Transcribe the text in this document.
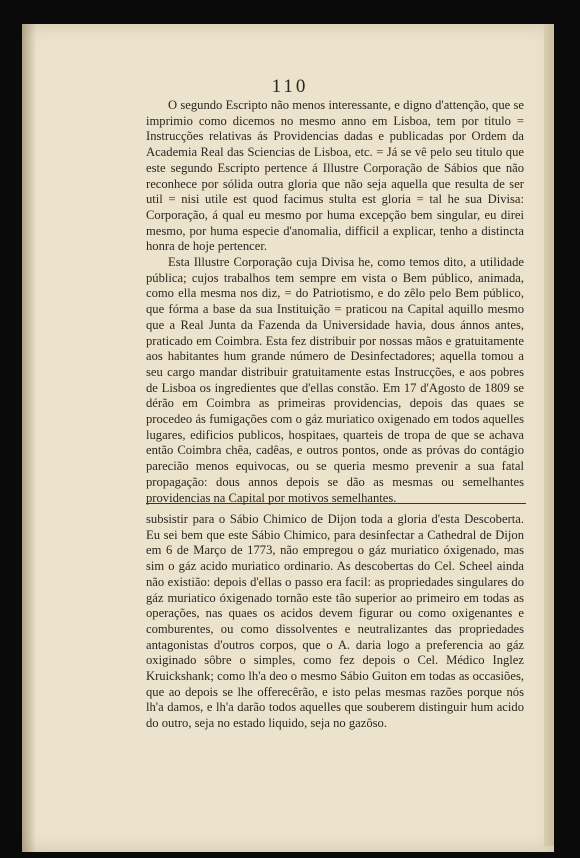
110

O segundo Escripto não menos interessante, e digno d'attenção, que se imprimio como dicemos no mesmo anno em Lisboa, tem por titulo = Instrucções relativas ás Providencias dadas e publicadas por Ordem da Academia Real das Sciencias de Lisboa, etc. = Já se vê pelo seu titulo que este segundo Escripto pertence á Illustre Corporação de Sábios que não reconhece por sólida outra gloria que não seja aquella que resulta de ser util = nisi utile est quod facimus stulta est gloria = tal he sua Divisa: Corporação, á qual eu mesmo por huma excepção bem singular, eu direi mesmo, por huma especie d'anomalia, difficil a explicar, tenho a distincta honra de hoje pertencer.

Esta Illustre Corporação cuja Divisa he, como temos dito, a utilidade pública; cujos trabalhos tem sempre em vista o Bem público, animada, como ella mesma nos diz, = do Patriotismo, e do zêlo pelo Bem público, que fórma a base da sua Instituição = praticou na Capital aquillo mesmo que a Real Junta da Fazenda da Universidade havia, dous ánnos antes, praticado em Coimbra. Esta fez distribuir por nossas mãos e gratuitamente aos habitantes hum grande número de Desinfectadores; aquella tomou a seu cargo mandar distribuir gratuitamente estas Instrucções, e aos pobres de Lisboa os ingredientes que d'ellas constão. Em 17 d'Agosto de 1809 se dérão em Coimbra as primeiras providencias, depois das quaes se procedeo ás fumigações com o gáz muriatico oxigenado em todos aquelles lugares, edificios publicos, hospitaes, quarteis de tropa de que se achava então Coimbra chêa, cadêas, e outros pontos, onde as próvas do contágio parecião menos equivocas, ou se queria mesmo prevenir a sua fatal propagação: dous annos depois se dão as mesmas ou semelhantes providencias na Capital por motivos semelhantes.

subsistir para o Sábio Chimico de Dijon toda a gloria d'esta Descoberta. Eu sei bem que este Sábio Chimico, para desinfectar a Cathedral de Dijon em 6 de Março de 1773, não empregou o gáz muriatico óxigenado, mas sim o gáz acido muriatico ordinario. As descobertas do Cel. Scheel ainda não existião: depois d'ellas o passo era facil: as propriedades singulares do gáz muriatico óxigenado tornão este tão superior ao primeiro em todas as operações, nas quaes os acidos devem figurar ou como oxigenantes e comburentes, ou como dissolventes e neutralizantes das propriedades antagonistas d'outros corpos, que o A. daria logo a preferencia ao gáz oxiginado sôbre o simples, como fez depois o Cel. Médico Inglez Kruickshank; como lh'a deo o mesmo Sábio Guiton em todas as occasiões, que ao depois se lhe offerecêrão, e isto pelas mesmas razões porque nós lh'a damos, e lh'a darão todos aquelles que souberem distinguir hum acido do outro, seja no estado liquido, seja no gazôso.
